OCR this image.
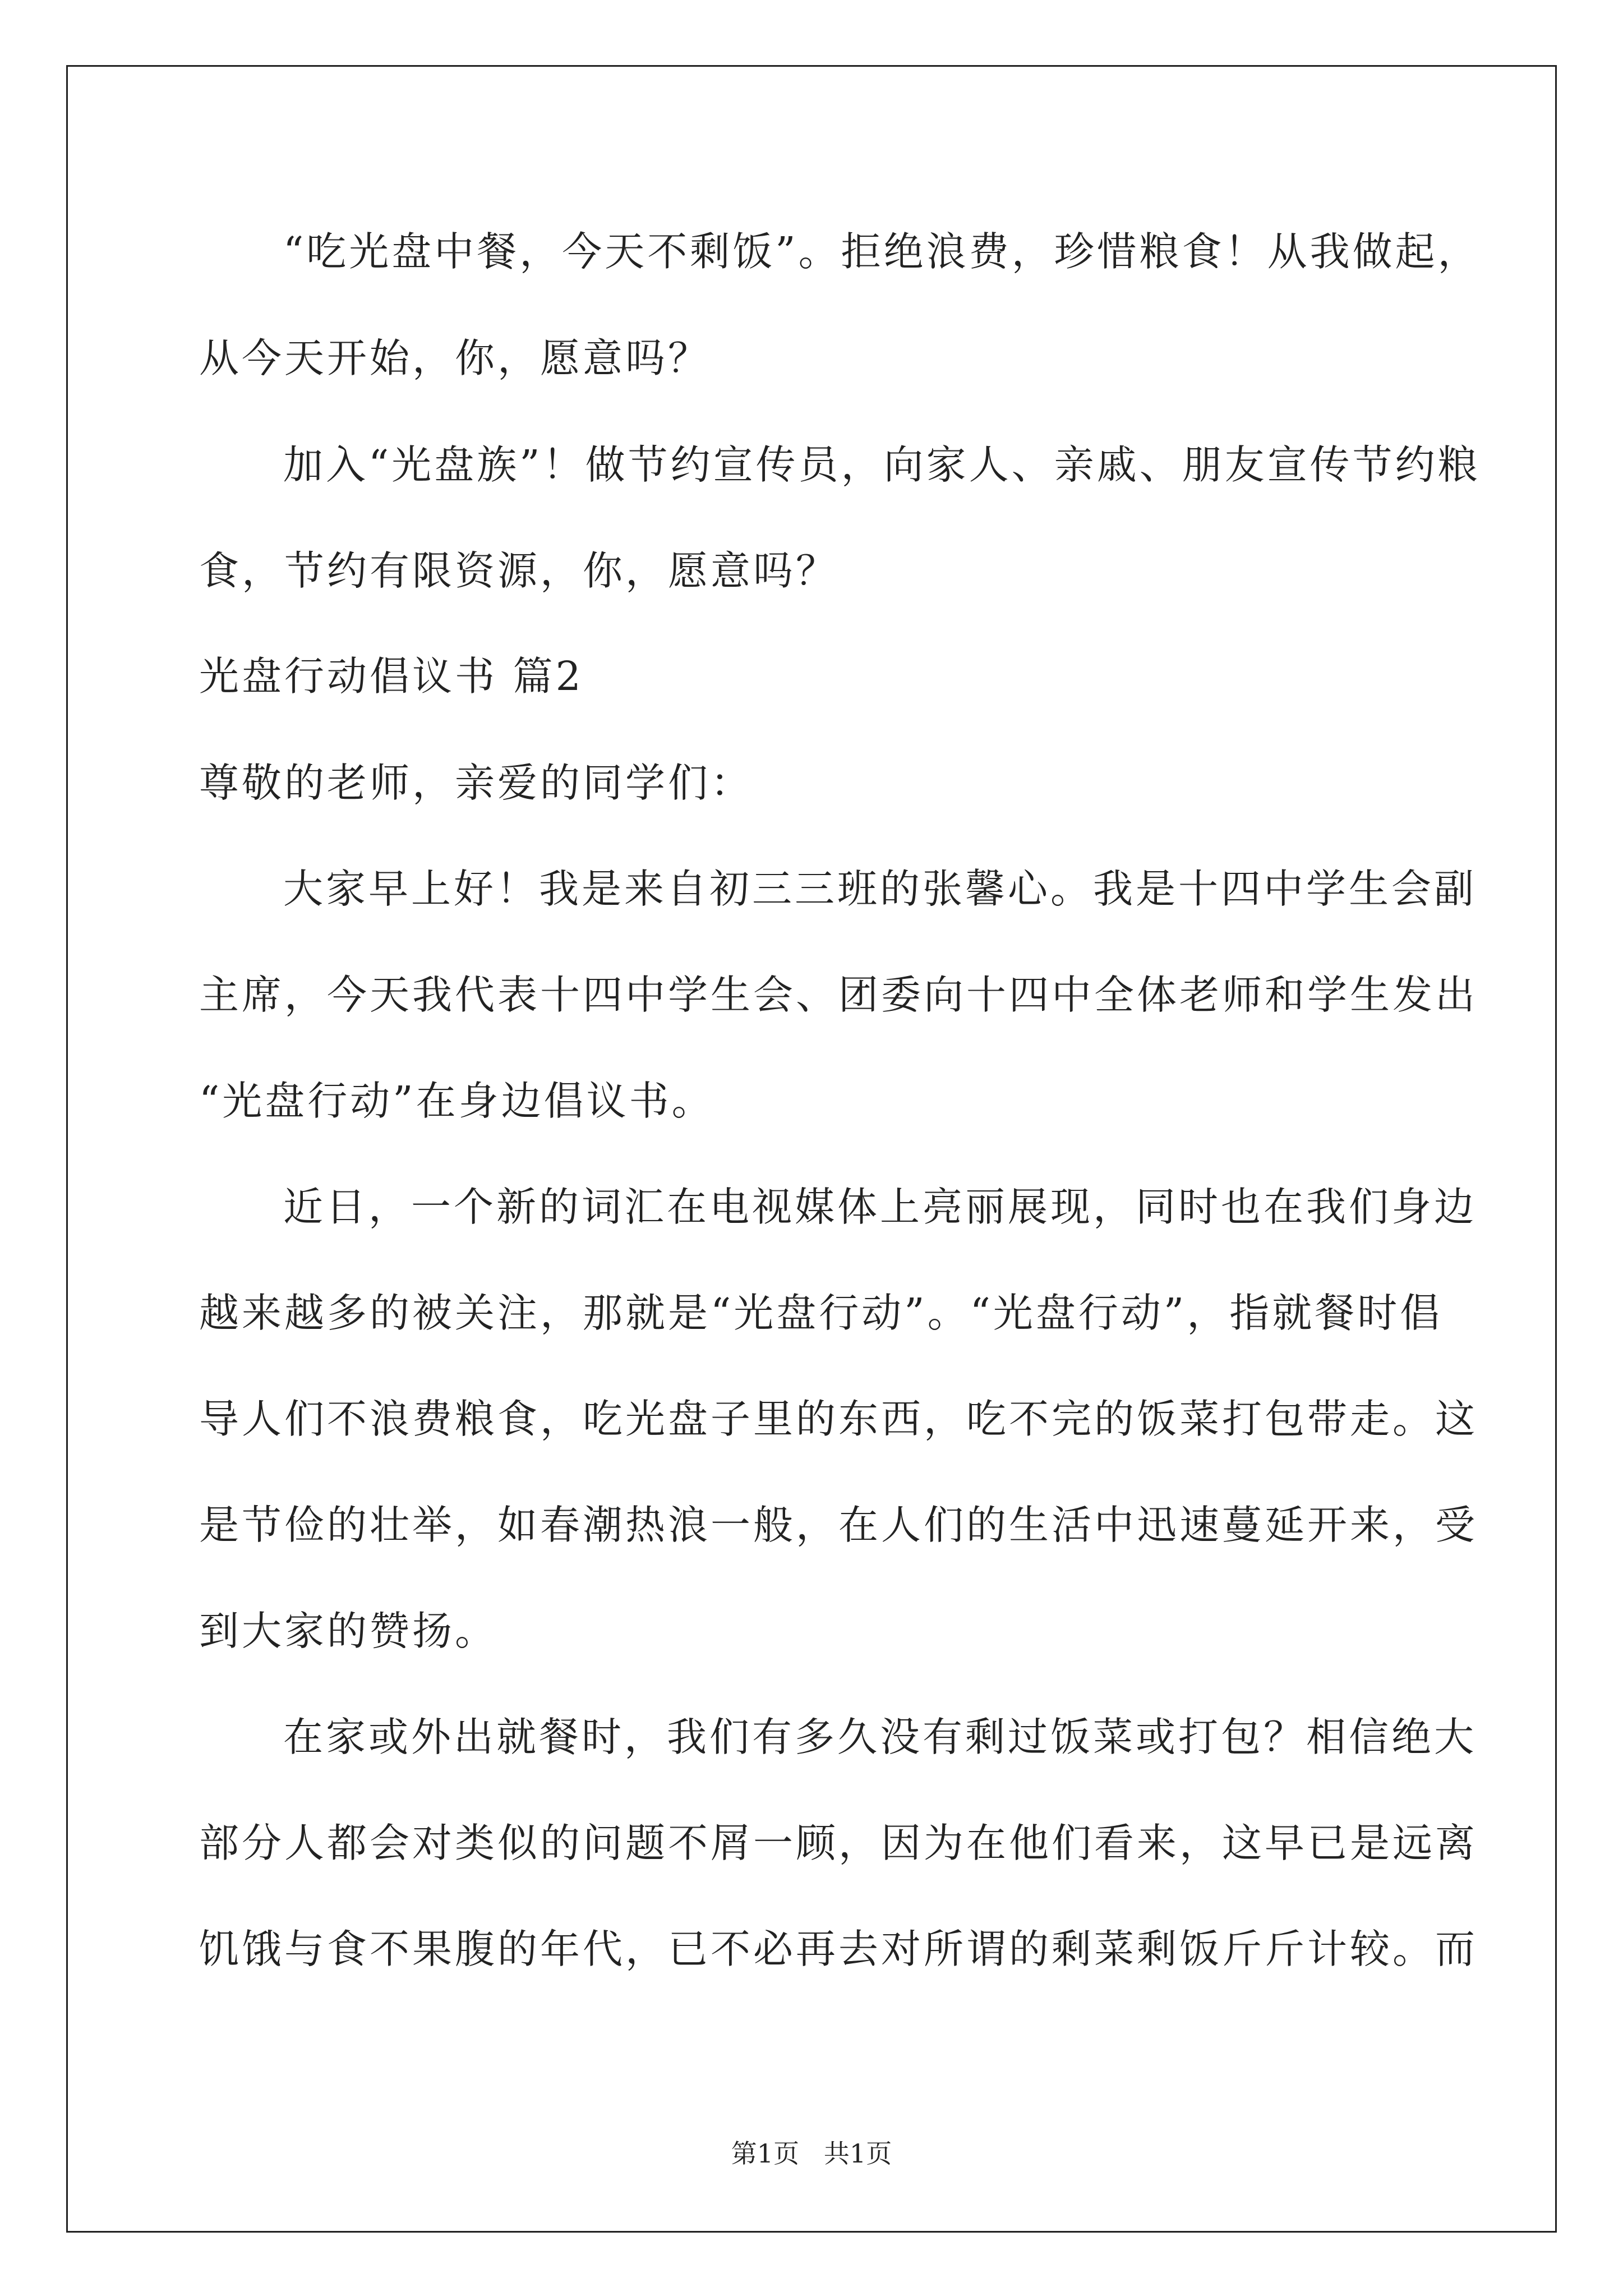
“吃光盘中餐，今天不剩饭”。拒绝浪费，珍惜粮食！从我做起，
从今天开始，你，愿意吗？
加入“光盘族”！做节约宣传员，向家人、亲戚、朋友宣传节约粮
食，节约有限资源，你，愿意吗？
光盘行动倡议书 篇2
尊敬的老师，亲爱的同学们：
大家早上好！我是来自初三三班的张馨心。我是十四中学生会副
主席，今天我代表十四中学生会、团委向十四中全体老师和学生发出
“光盘行动”在身边倡议书。
近日，一个新的词汇在电视媒体上亮丽展现，同时也在我们身边
越来越多的被关注，那就是“光盘行动”。“光盘行动”，指就餐时倡
导人们不浪费粮食，吃光盘子里的东西，吃不完的饭菜打包带走。这
是节俭的壮举，如春潮热浪一般，在人们的生活中迅速蔓延开来，受
到大家的赞扬。
在家或外出就餐时，我们有多久没有剩过饭菜或打包？相信绝大
部分人都会对类似的问题不屑一顾，因为在他们看来，这早已是远离
饥饿与食不果腹的年代，已不必再去对所谓的剩菜剩饭斤斤计较。而
第1页   共1页
